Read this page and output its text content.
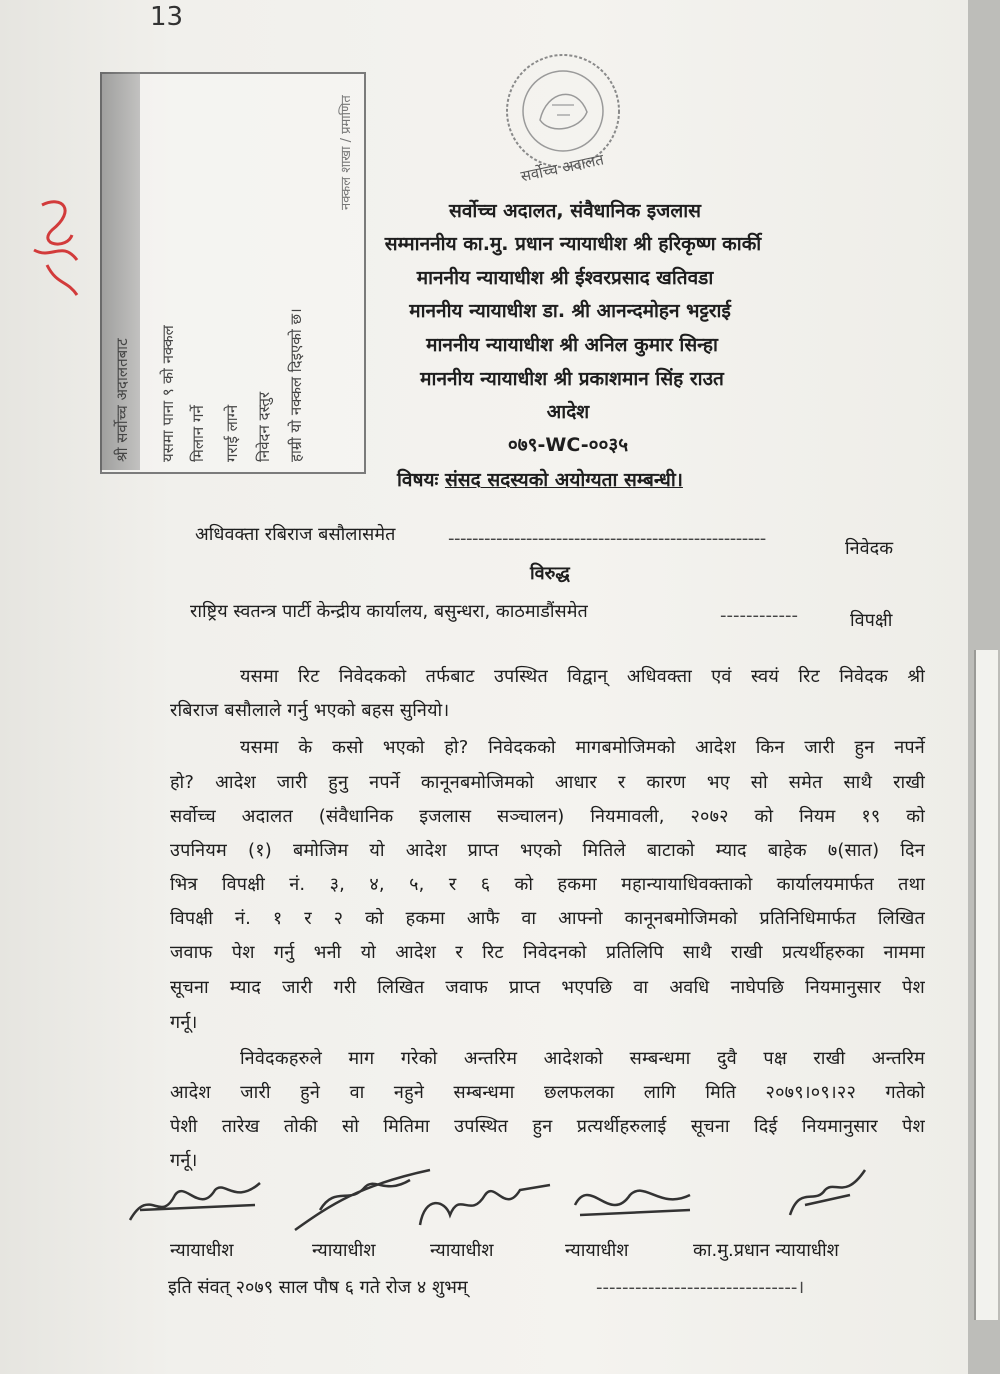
13
सर्वोच्च अदालत
श्री सर्वोच्च अदालतबाट यसमा पाना ९ को नक्कल मिलान गर्ने गराई लाग्ने निवेदन दस्तुर हाम्री यो नक्कल दिइएको छ।
नक्कल शाखा / प्रमाणित
सर्वोच्च अदालत, संवैधानिक इजलास
सम्माननीय का.मु. प्रधान न्यायाधीश श्री हरिकृष्ण कार्की
माननीय न्यायाधीश श्री ईश्वरप्रसाद खतिवडा
माननीय न्यायाधीश डा. श्री आनन्दमोहन भट्टराई
माननीय न्यायाधीश श्री अनिल कुमार सिन्हा
माननीय न्यायाधीश श्री प्रकाशमान सिंह राउत
आदेश
०७९-WC-००३५
विषयः संसद सदस्यको अयोग्यता सम्बन्धी।
अधिवक्ता रबिराज बसौलासमेत	-----------------------------------------------------	निवेदक
विरुद्ध
राष्ट्रिय स्वतन्त्र पार्टी केन्द्रीय कार्यालय, बसुन्धरा, काठमाडौंसमेत	------------	विपक्षी
यसमा रिट निवेदकको तर्फबाट उपस्थित विद्वान् अधिवक्ता एवं स्वयं रिट निवेदक श्री
रबिराज बसौलाले गर्नु भएको बहस सुनियो।
यसमा के कसो भएको हो? निवेदकको मागबमोजिमको आदेश किन जारी हुन नपर्ने
हो? आदेश जारी हुनु नपर्ने कानूनबमोजिमको आधार र कारण भए सो समेत साथै राखी
सर्वोच्च अदालत (संवैधानिक इजलास सञ्चालन) नियमावली, २०७२ को नियम १९ को
उपनियम (१) बमोजिम यो आदेश प्राप्त भएको मितिले बाटाको म्याद बाहेक ७(सात) दिन
भित्र विपक्षी नं. ३, ४, ५, र ६ को हकमा महान्यायाधिवक्ताको कार्यालयमार्फत तथा
विपक्षी नं. १ र २ को हकमा आफै वा आफ्नो कानूनबमोजिमको प्रतिनिधिमार्फत लिखित
जवाफ पेश गर्नु भनी यो आदेश र रिट निवेदनको प्रतिलिपि साथै राखी प्रत्यर्थीहरुका नाममा
सूचना म्याद जारी गरी लिखित जवाफ प्राप्त भएपछि वा अवधि नाघेपछि नियमानुसार पेश
गर्नू।
निवेदकहरुले माग गरेको अन्तरिम आदेशको सम्बन्धमा दुवै पक्ष राखी अन्तरिम
आदेश जारी हुने वा नहुने सम्बन्धमा छलफलका लागि मिति २०७९।०९।२२ गतेको
पेशी तारेख तोकी सो मितिमा उपस्थित हुन प्रत्यर्थीहरुलाई सूचना दिई नियमानुसार पेश
गर्नू।
न्यायाधीश	न्यायाधीश	न्यायाधीश	न्यायाधीश	का.मु.प्रधान न्यायाधीश
इति संवत् २०७९ साल पौष ६ गते रोज ४ शुभम्	-------------------------------।
